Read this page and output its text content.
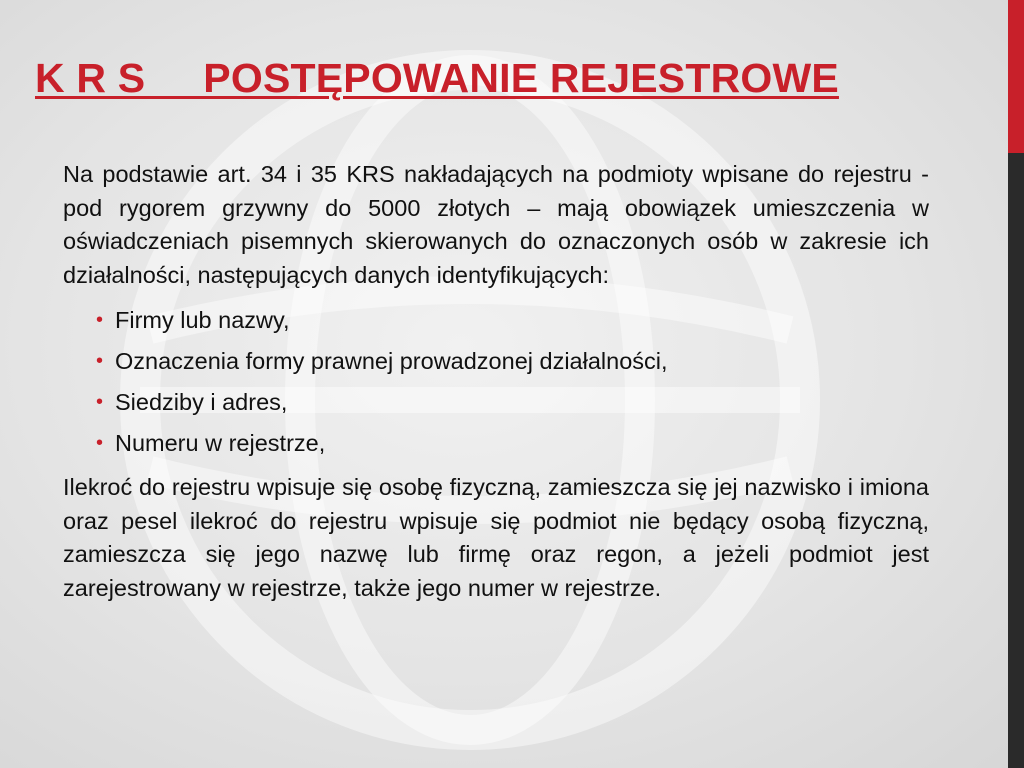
K R S     POSTĘPOWANIE REJESTROWE

Na podstawie art. 34 i 35 KRS nakładających na podmioty wpisane do rejestru - pod rygorem grzywny do 5000 złotych – mają obowiązek umieszczenia w oświadczeniach pisemnych skierowanych do oznaczonych osób w zakresie ich działalności, następujących danych identyfikujących:

• Firmy lub nazwy,
• Oznaczenia formy prawnej prowadzonej działalności,
• Siedziby i adres,
• Numeru w rejestrze,

Ilekroć do rejestru wpisuje się osobę fizyczną, zamieszcza się jej nazwisko i imiona oraz pesel ilekroć do rejestru wpisuje się podmiot nie będący osobą fizyczną, zamieszcza się jego nazwę lub firmę oraz regon, a jeżeli podmiot jest zarejestrowany w rejestrze, także jego numer w rejestrze.
